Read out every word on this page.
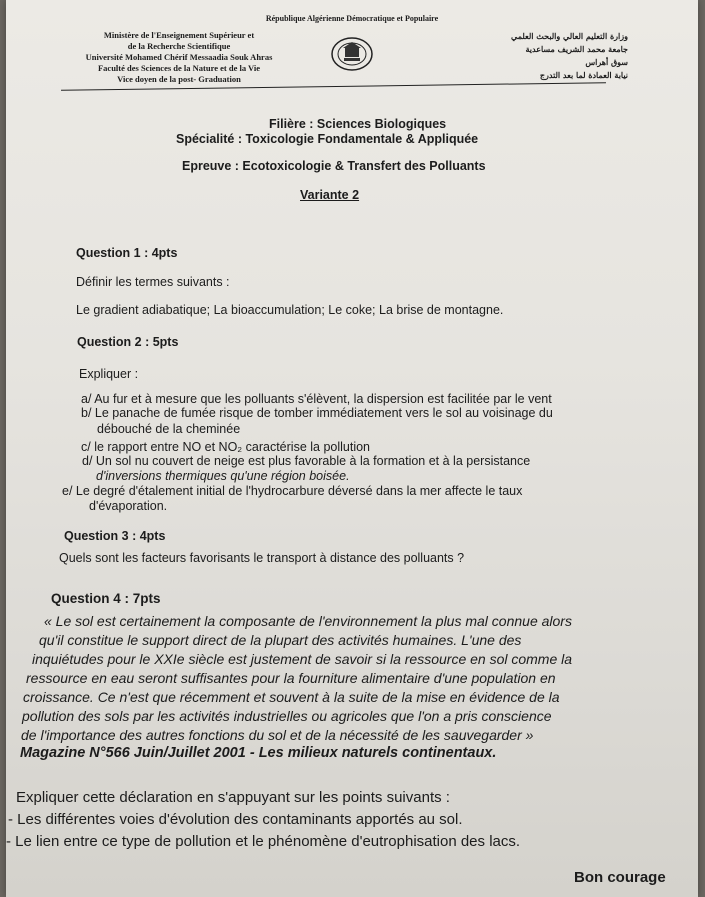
République Algérienne Démocratique et Populaire
Ministère de l'Enseignement Supérieur et
de la Recherche Scientifique
Université Mohamed Chérif Messaadia Souk Ahras
Faculté des Sciences de la Nature et de la Vie
Vice doyen de la post- Graduation
وزارة التعليم العالي والبحث العلمي
جامعة محمد الشريف مساعدية
سوق أهراس
نيابة العمادة لما بعد التدرج
Filière : Sciences Biologiques
Spécialité : Toxicologie Fondamentale & Appliquée
Epreuve : Ecotoxicologie & Transfert des Polluants
Variante 2
Question 1 : 4pts
Définir les termes suivants :
Le gradient adiabatique; La bioaccumulation; Le coke; La brise de montagne.
Question 2 : 5pts
Expliquer :
a/ Au fur et à mesure que les polluants s'élèvent, la dispersion est facilitée par le vent
b/ Le panache de fumée risque de tomber immédiatement vers le sol au voisinage du
débouché de la cheminée
c/ le rapport entre NO et NO₂ caractérise la pollution
d/ Un sol nu couvert de neige est plus favorable à la formation et à la persistance
d'inversions thermiques qu'une région boisée.
e/ Le degré d'étalement initial de l'hydrocarbure déversé dans la mer affecte le taux
d'évaporation.
Question 3 : 4pts
Quels sont les facteurs favorisants le transport à distance des polluants ?
Question 4 : 7pts
« Le sol est certainement la composante de l'environnement la plus mal connue alors
qu'il constitue le support direct de la plupart des activités humaines. L'une des
inquiétudes pour le XXIe siècle est justement de savoir si la ressource en sol comme la
ressource en eau seront suffisantes pour la fourniture alimentaire d'une population en
croissance. Ce n'est que récemment et souvent à la suite de la mise en évidence de la
pollution des sols par les activités industrielles ou agricoles que l'on a pris conscience
de l'importance des autres fonctions du sol et de la nécessité de les sauvegarder »
Magazine N°566 Juin/Juillet 2001 - Les milieux naturels continentaux.
Expliquer cette déclaration en s'appuyant sur les points suivants :
- Les différentes voies d'évolution des contaminants apportés au sol.
- Le lien entre ce type de pollution et le phénomène d'eutrophisation des lacs.
Bon courage
